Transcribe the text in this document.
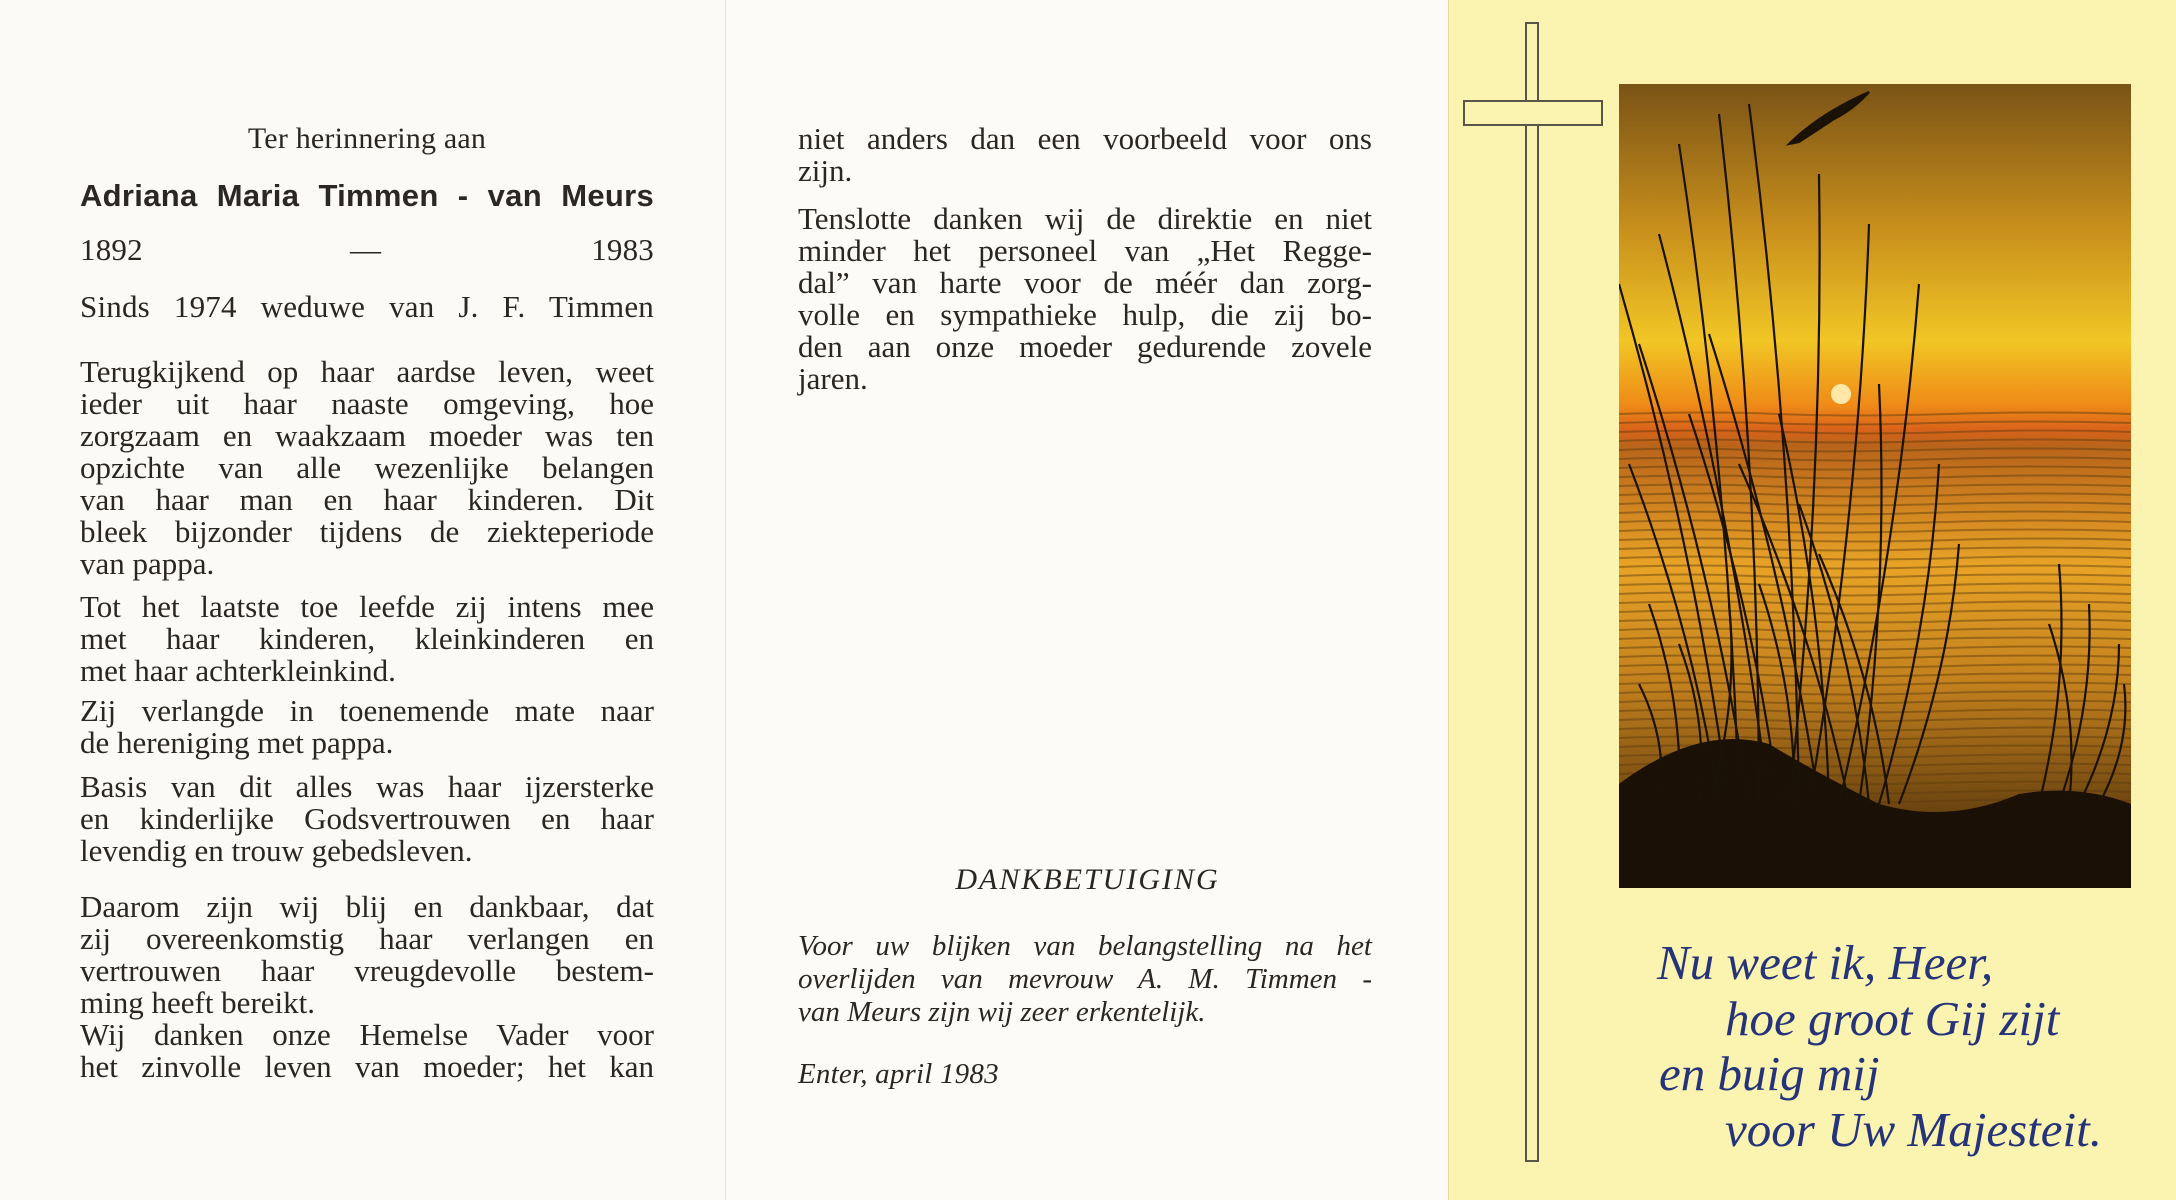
Ter herinnering aan
Adriana Maria Timmen - van Meurs
1892	—	1983
Sinds 1974 weduwe van J. F. Timmen
Terugkijkend op haar aardse leven, weet
ieder uit haar naaste omgeving, hoe
zorgzaam en waakzaam moeder was ten
opzichte van alle wezenlijke belangen
van haar man en haar kinderen. Dit
bleek bijzonder tijdens de ziekteperiode
van pappa.
Tot het laatste toe leefde zij intens mee
met haar kinderen, kleinkinderen en
met haar achterkleinkind.
Zij verlangde in toenemende mate naar
de hereniging met pappa.
Basis van dit alles was haar ijzersterke
en kinderlijke Godsvertrouwen en haar
levendig en trouw gebedsleven.
Daarom zijn wij blij en dankbaar, dat
zij overeenkomstig haar verlangen en
vertrouwen haar vreugdevolle bestem-
ming heeft bereikt.
Wij danken onze Hemelse Vader voor
het zinvolle leven van moeder; het kan
niet anders dan een voorbeeld voor ons
zijn.
Tenslotte danken wij de direktie en niet
minder het personeel van „Het Regge-
dal” van harte voor de méér dan zorg-
volle en sympathieke hulp, die zij bo-
den aan onze moeder gedurende zovele
jaren.
DANKBETUIGING
Voor uw blijken van belangstelling na het
overlijden van mevrouw A. M. Timmen -
van Meurs zijn wij zeer erkentelijk.
Enter, april 1983
Nu weet ik, Heer,
hoe groot Gij zijt
en buig mij
voor Uw Majesteit.
